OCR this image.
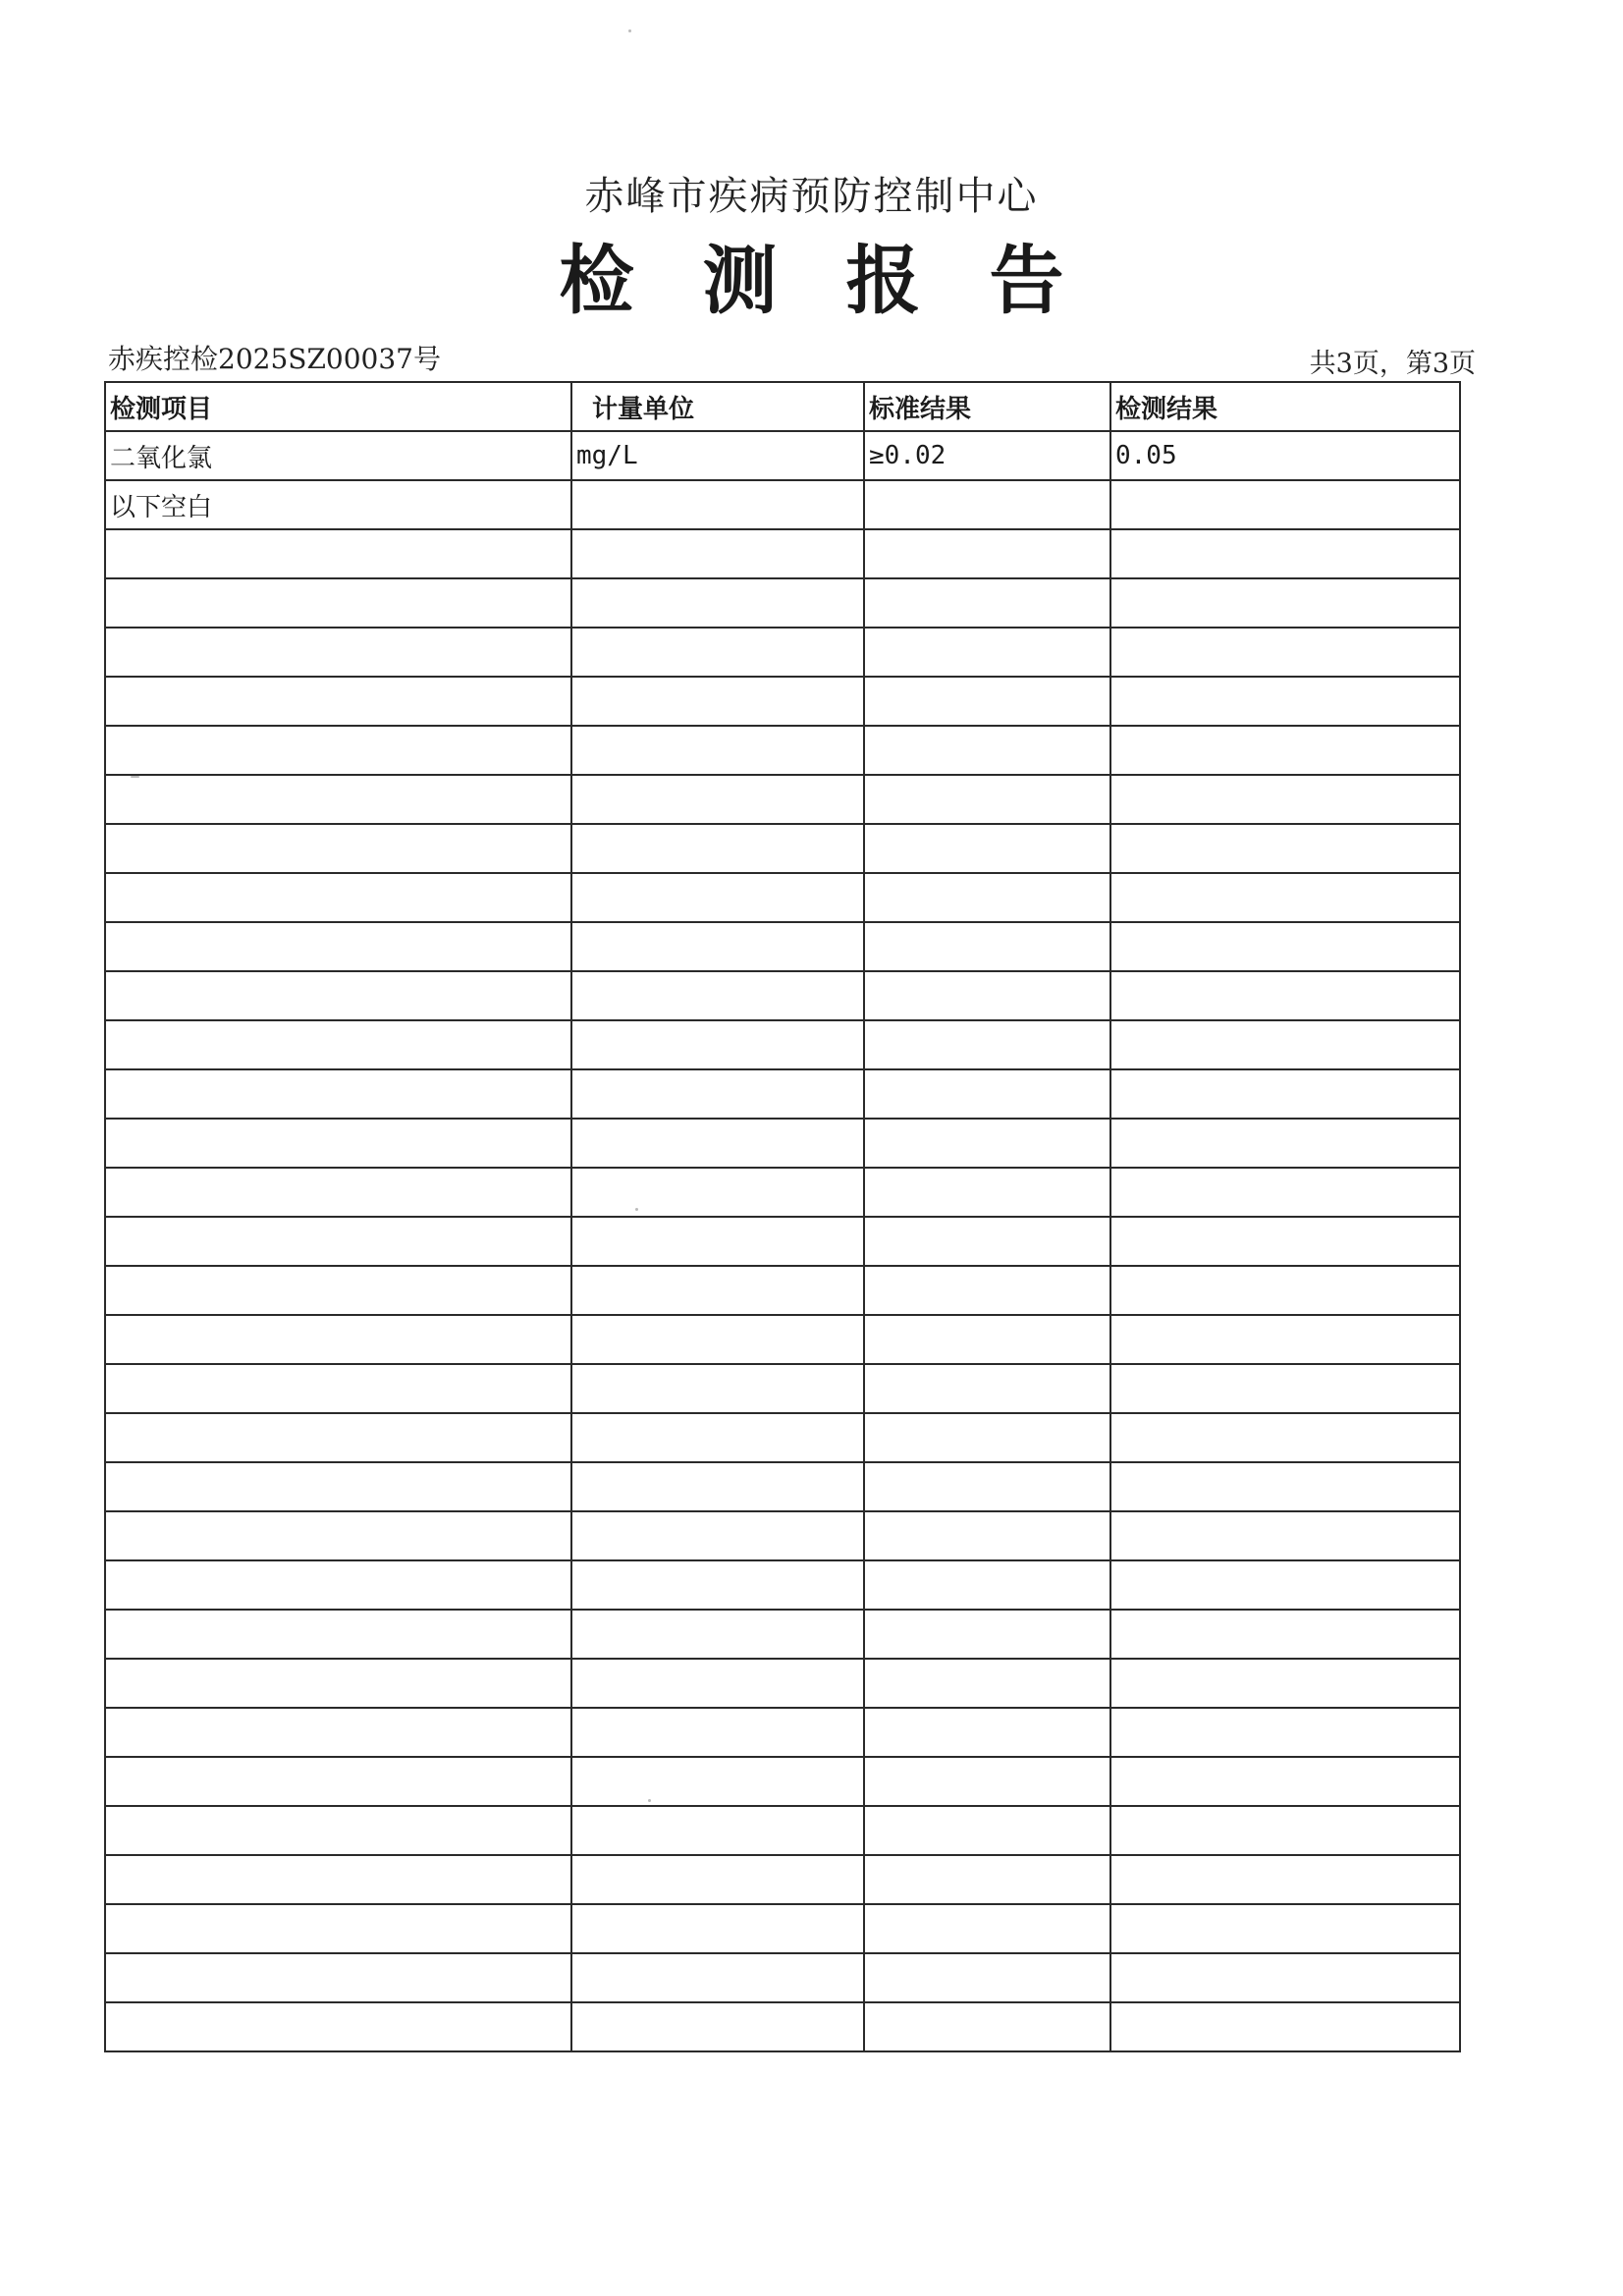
赤峰市疾病预防控制中心
检测报告
赤疾控检2025SZ00037号	共3页，第3页
检测项目	计量单位	标准结果	检测结果
二氧化氯	mg/L	≥0.02	0.05
以下空白			
